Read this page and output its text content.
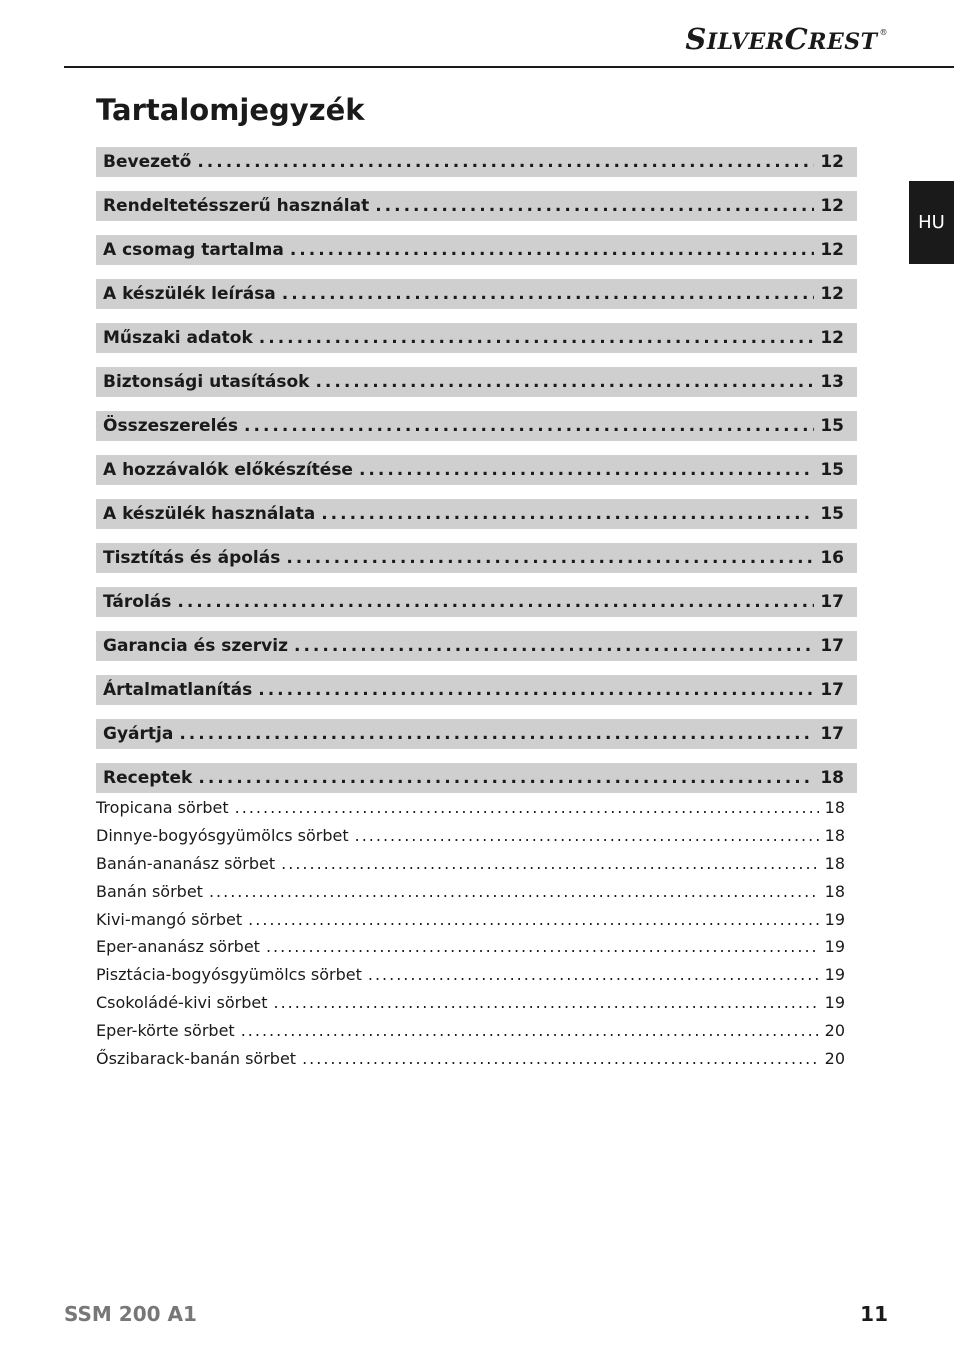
SILVERCREST ®
Tartalomjegyzék
HU
Bevezető .....	12
Rendeltetésszerű használat .....	12
A csomag tartalma .....	12
A készülék leírása .....	12
Műszaki adatok .....	12
Biztonsági utasítások .....	13
Összeszerelés .....	15
A hozzávalók előkészítése .....	15
A készülék használata .....	15
Tisztítás és ápolás .....	16
Tárolás .....	17
Garancia és szerviz .....	17
Ártalmatlanítás .....	17
Gyártja .....	17
Receptek .....	18
Tropicana sörbet .....	18
Dinnye-bogyósgyümölcs sörbet .....	18
Banán-ananász sörbet .....	18
Banán sörbet .....	18
Kivi-mangó sörbet .....	19
Eper-ananász sörbet .....	19
Pisztácia-bogyósgyümölcs sörbet .....	19
Csokoládé-kivi sörbet .....	19
Eper-körte sörbet .....	20
Őszibarack-banán sörbet .....	20
SSM 200 A1	11
